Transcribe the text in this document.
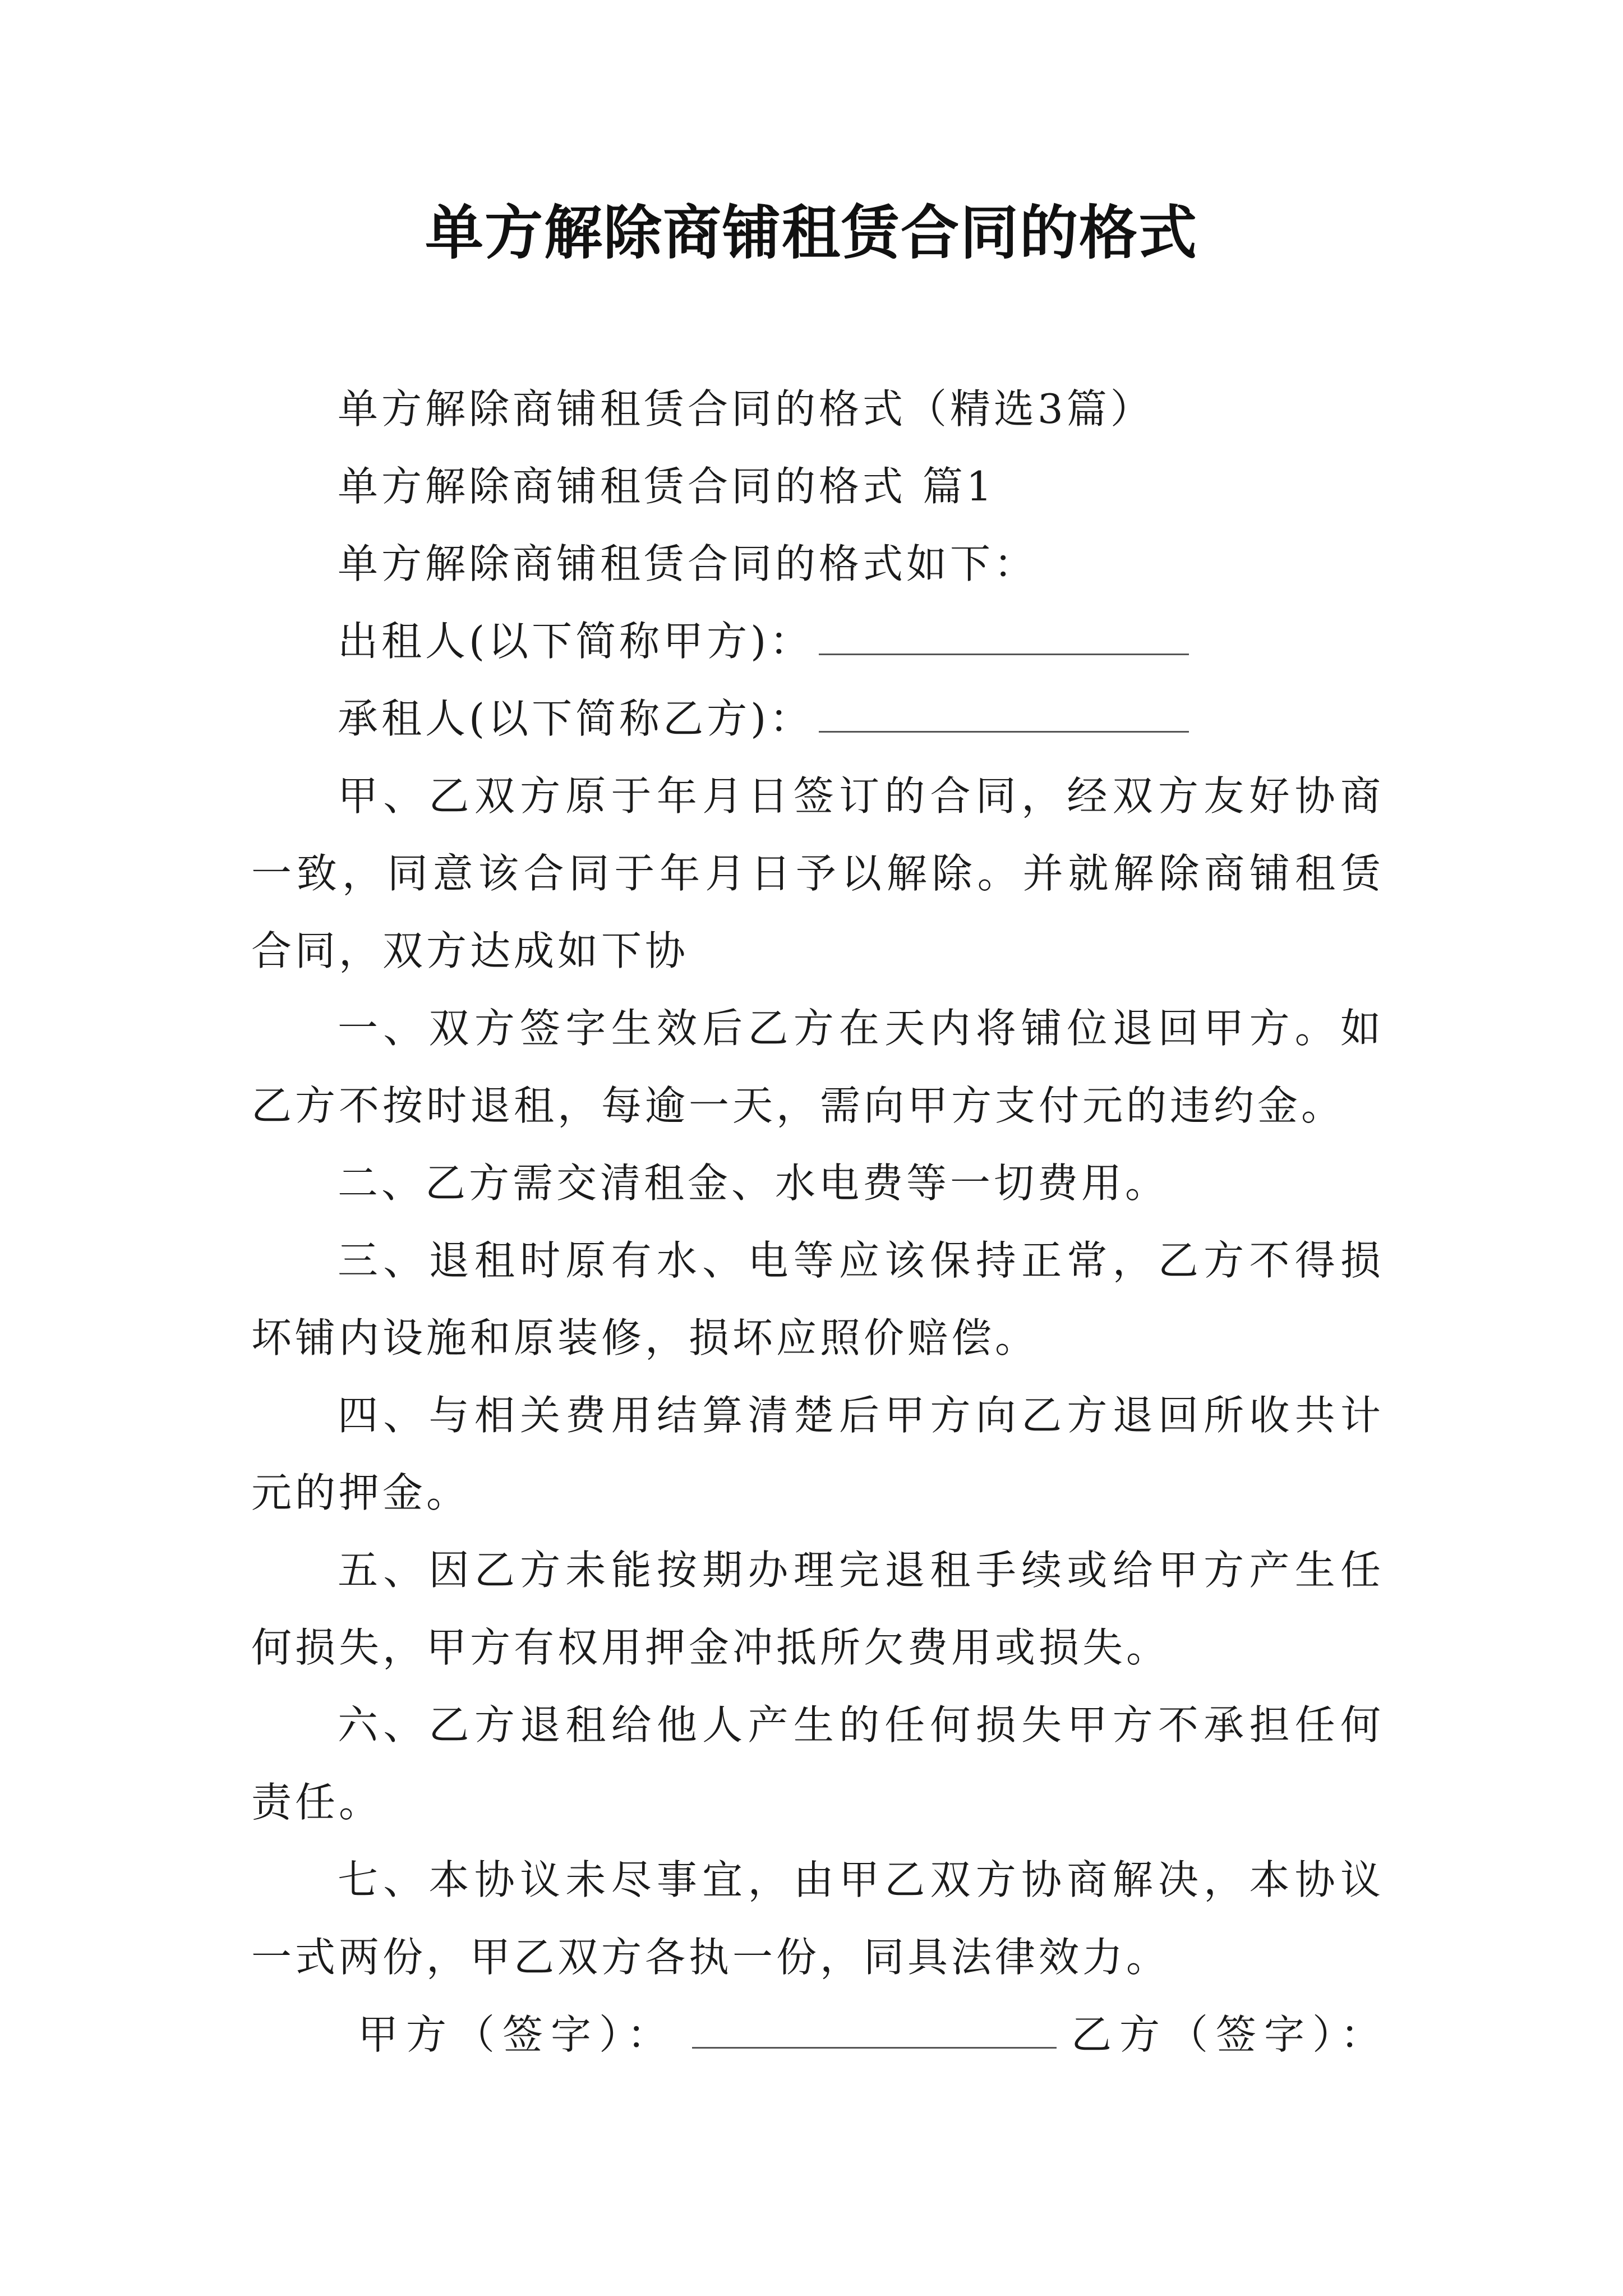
单方解除商铺租赁合同的格式

单方解除商铺租赁合同的格式（精选3篇）

单方解除商铺租赁合同的格式 篇1

单方解除商铺租赁合同的格式如下：

出租人(以下简称甲方)：

承租人(以下简称乙方)：

甲、乙双方原于年月日签订的合同，经双方友好协商一致，同意该合同于年月日予以解除。并就解除商铺租赁合同，双方达成如下协

一、双方签字生效后乙方在天内将铺位退回甲方。如乙方不按时退租，每逾一天，需向甲方支付元的违约金。

二、乙方需交清租金、水电费等一切费用。

三、退租时原有水、电等应该保持正常，乙方不得损坏铺内设施和原装修，损坏应照价赔偿。

四、与相关费用结算清楚后甲方向乙方退回所收共计元的押金。

五、因乙方未能按期办理完退租手续或给甲方产生任何损失，甲方有权用押金冲抵所欠费用或损失。

六、乙方退租给他人产生的任何损失甲方不承担任何责任。

七、本协议未尽事宜，由甲乙双方协商解决，本协议一式两份，甲乙双方各执一份，同具法律效力。

甲方（签字）：	乙方（签字）：
